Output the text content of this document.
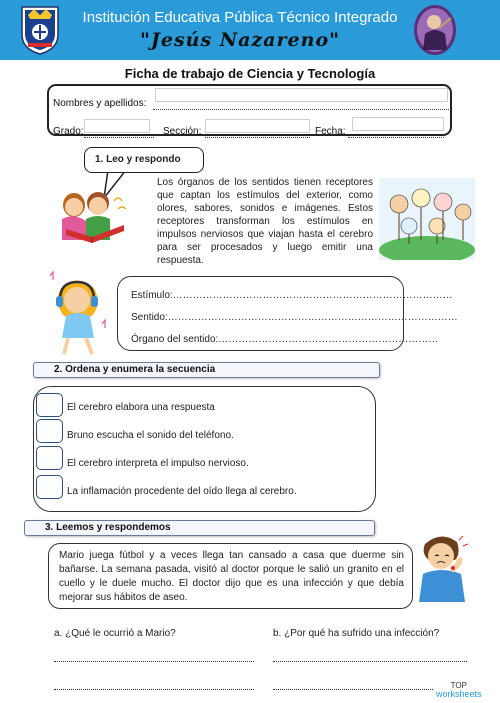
Institución Educativa Pública Técnico Integrado
"Jesús Nazareno"
Ficha de trabajo de Ciencia y Tecnología
Nombres y apellidos:
Grado:	Sección:	Fecha:
1. Leo y respondo
Los órganos de los sentidos tienen receptores que captan los estímulos del exterior, como olores, sabores, sonidos e imágenes. Estos receptores transforman los estímulos en impulsos nerviosos que viajan hasta el cerebro para ser procesados y luego emitir una respuesta.
Estímulo:…………………………………………………………………………
Sentido:……………………………………………………………………………
Órgano del sentido:…………………………………………………………
2. Ordena y enumera la secuencia
El cerebro elabora una respuesta
Bruno escucha el sonido del teléfono.
El cerebro interpreta el impulso nervioso.
La inflamación procedente del oído llega al cerebro.
3. Leemos y respondemos
Mario juega fútbol y a veces llega tan cansado a casa que duerme sin bañarse. La semana pasada, visitó al doctor porque le salió un granito en el cuello y le duele mucho. El doctor dijo que es una infección y que debía mejorar sus hábitos de aseo.
a. ¿Qué le ocurrió a Mario?	b. ¿Por qué ha sufrido una infección?
TOP
worksheets
